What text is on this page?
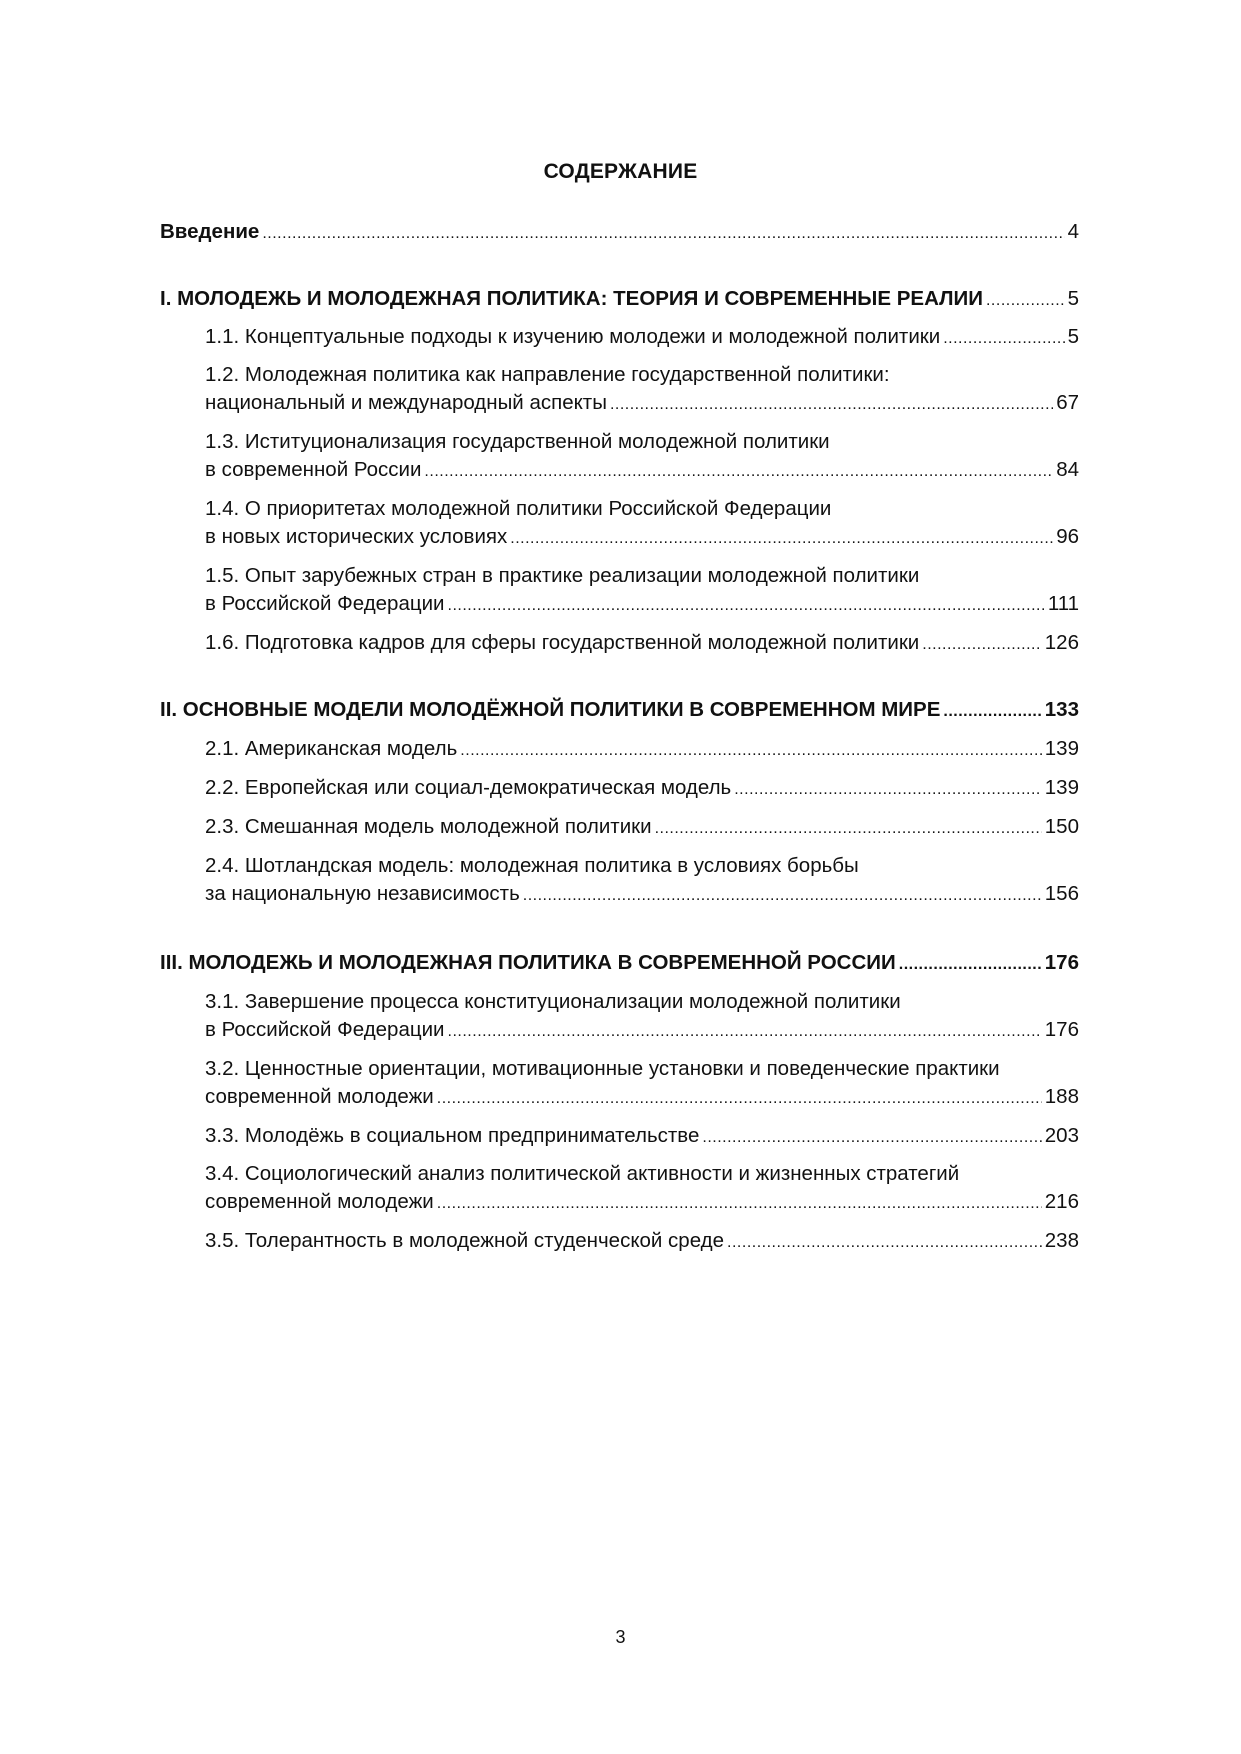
СОДЕРЖАНИЕ
Введение .....	4
I. МОЛОДЕЖЬ И МОЛОДЕЖНАЯ ПОЛИТИКА: ТЕОРИЯ И СОВРЕМЕННЫЕ РЕАЛИИ .....	5
1.1. Концептуальные подходы к изучению молодежи и молодежной политики .....	5
1.2. Молодежная политика как направление государственной политики:
национальный и международный аспекты .....	67
1.3. Иституционализация государственной молодежной политики
в современной России .....	84
1.4. О приоритетах молодежной политики Российской Федерации
в новых исторических условиях .....	96
1.5. Опыт зарубежных стран в практике реализации молодежной политики
в Российской Федерации .....	111
1.6. Подготовка кадров для сферы государственной молодежной политики .....	126
II. ОСНОВНЫЕ МОДЕЛИ МОЛОДЁЖНОЙ ПОЛИТИКИ В СОВРЕМЕННОМ МИРЕ .....	133
2.1. Американская модель .....	139
2.2. Европейская или социал-демократическая модель .....	139
2.3. Смешанная модель молодежной политики .....	150
2.4. Шотландская модель: молодежная политика в условиях борьбы
за национальную независимость .....	156
III. МОЛОДЕЖЬ И МОЛОДЕЖНАЯ ПОЛИТИКА В СОВРЕМЕННОЙ РОССИИ .....	176
3.1. Завершение процесса конституционализации молодежной политики
в Российской Федерации .....	176
3.2. Ценностные ориентации, мотивационные установки и поведенческие практики
современной молодежи .....	188
3.3. Молодёжь в социальном предпринимательстве .....	203
3.4. Социологический анализ политической активности и жизненных стратегий
современной молодежи .....	216
3.5. Толерантность в молодежной студенческой среде .....	238
3
